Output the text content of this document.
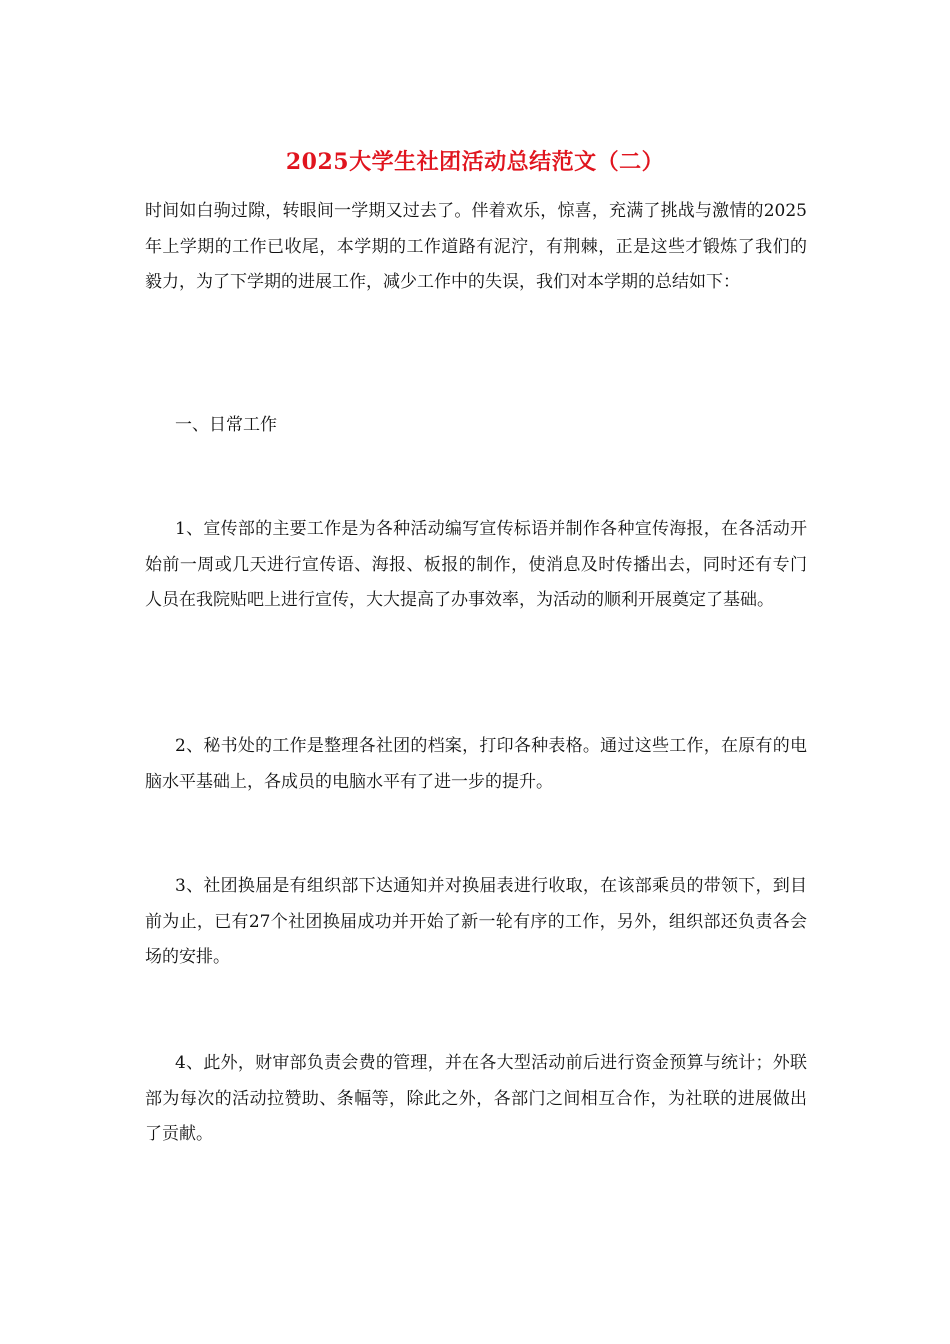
2025大学生社团活动总结范文（二）

时间如白驹过隙，转眼间一学期又过去了。伴着欢乐，惊喜，充满了挑战与激情的2025年上学期的工作已收尾，本学期的工作道路有泥泞，有荆棘，正是这些才锻炼了我们的毅力，为了下学期的进展工作，减少工作中的失误，我们对本学期的总结如下：

一、日常工作

1、宣传部的主要工作是为各种活动编写宣传标语并制作各种宣传海报，在各活动开始前一周或几天进行宣传语、海报、板报的制作，使消息及时传播出去，同时还有专门人员在我院贴吧上进行宣传，大大提高了办事效率，为活动的顺利开展奠定了基础。

2、秘书处的工作是整理各社团的档案，打印各种表格。通过这些工作，在原有的电脑水平基础上，各成员的电脑水平有了进一步的提升。

3、社团换届是有组织部下达通知并对换届表进行收取，在该部乘员的带领下，到目前为止，已有27个社团换届成功并开始了新一轮有序的工作，另外，组织部还负责各会场的安排。

4、此外，财审部负责会费的管理，并在各大型活动前后进行资金预算与统计；外联部为每次的活动拉赞助、条幅等，除此之外，各部门之间相互合作，为社联的进展做出了贡献。
